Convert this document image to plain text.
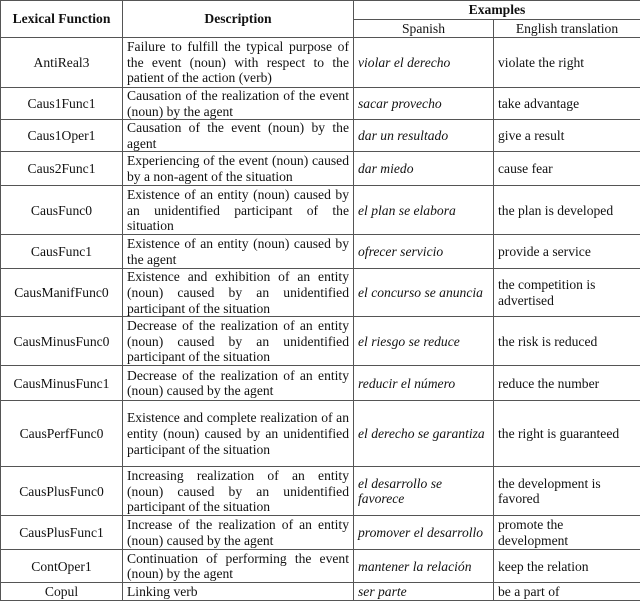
Lexical Function	Description	Examples	
		Spanish	English translation
AntiReal3	Failure to fulfill the typical purpose of the event (noun) with respect to the patient of the action (verb)	violar el derecho	violate the right
Caus1Func1	Causation of the realization of the event (noun) by the agent	sacar provecho	take advantage
Caus1Oper1	Causation of the event (noun) by the agent	dar un resultado	give a result
Caus2Func1	Experiencing of the event (noun) caused by a non-agent of the situation	dar miedo	cause fear
CausFunc0	Existence of an entity (noun) caused by an unidentified participant of the situation	el plan se elabora	the plan is developed
CausFunc1	Existence of an entity (noun) caused by the agent	ofrecer servicio	provide a service
CausManifFunc0	Existence and exhibition of an entity (noun) caused by an unidentified participant of the situation	el concurso se anuncia	the competition is advertised
CausMinusFunc0	Decrease of the realization of an entity (noun) caused by an unidentified participant of the situation	el riesgo se reduce	the risk is reduced
CausMinusFunc1	Decrease of the realization of an entity (noun) caused by the agent	reducir el número	reduce the number
CausPerfFunc0	Existence and complete realization of an entity (noun) caused by an unidentified participant of the situation	el derecho se garantiza	the right is guaranteed
CausPlusFunc0	Increasing realization of an entity (noun) caused by an unidentified participant of the situation	el desarrollo se favorece	the development is favored
CausPlusFunc1	Increase of the realization of an entity (noun) caused by the agent	promover el desarrollo	promote the development
ContOper1	Continuation of performing the event (noun) by the agent	mantener la relación	keep the relation
Copul	Linking verb	ser parte	be a part of
